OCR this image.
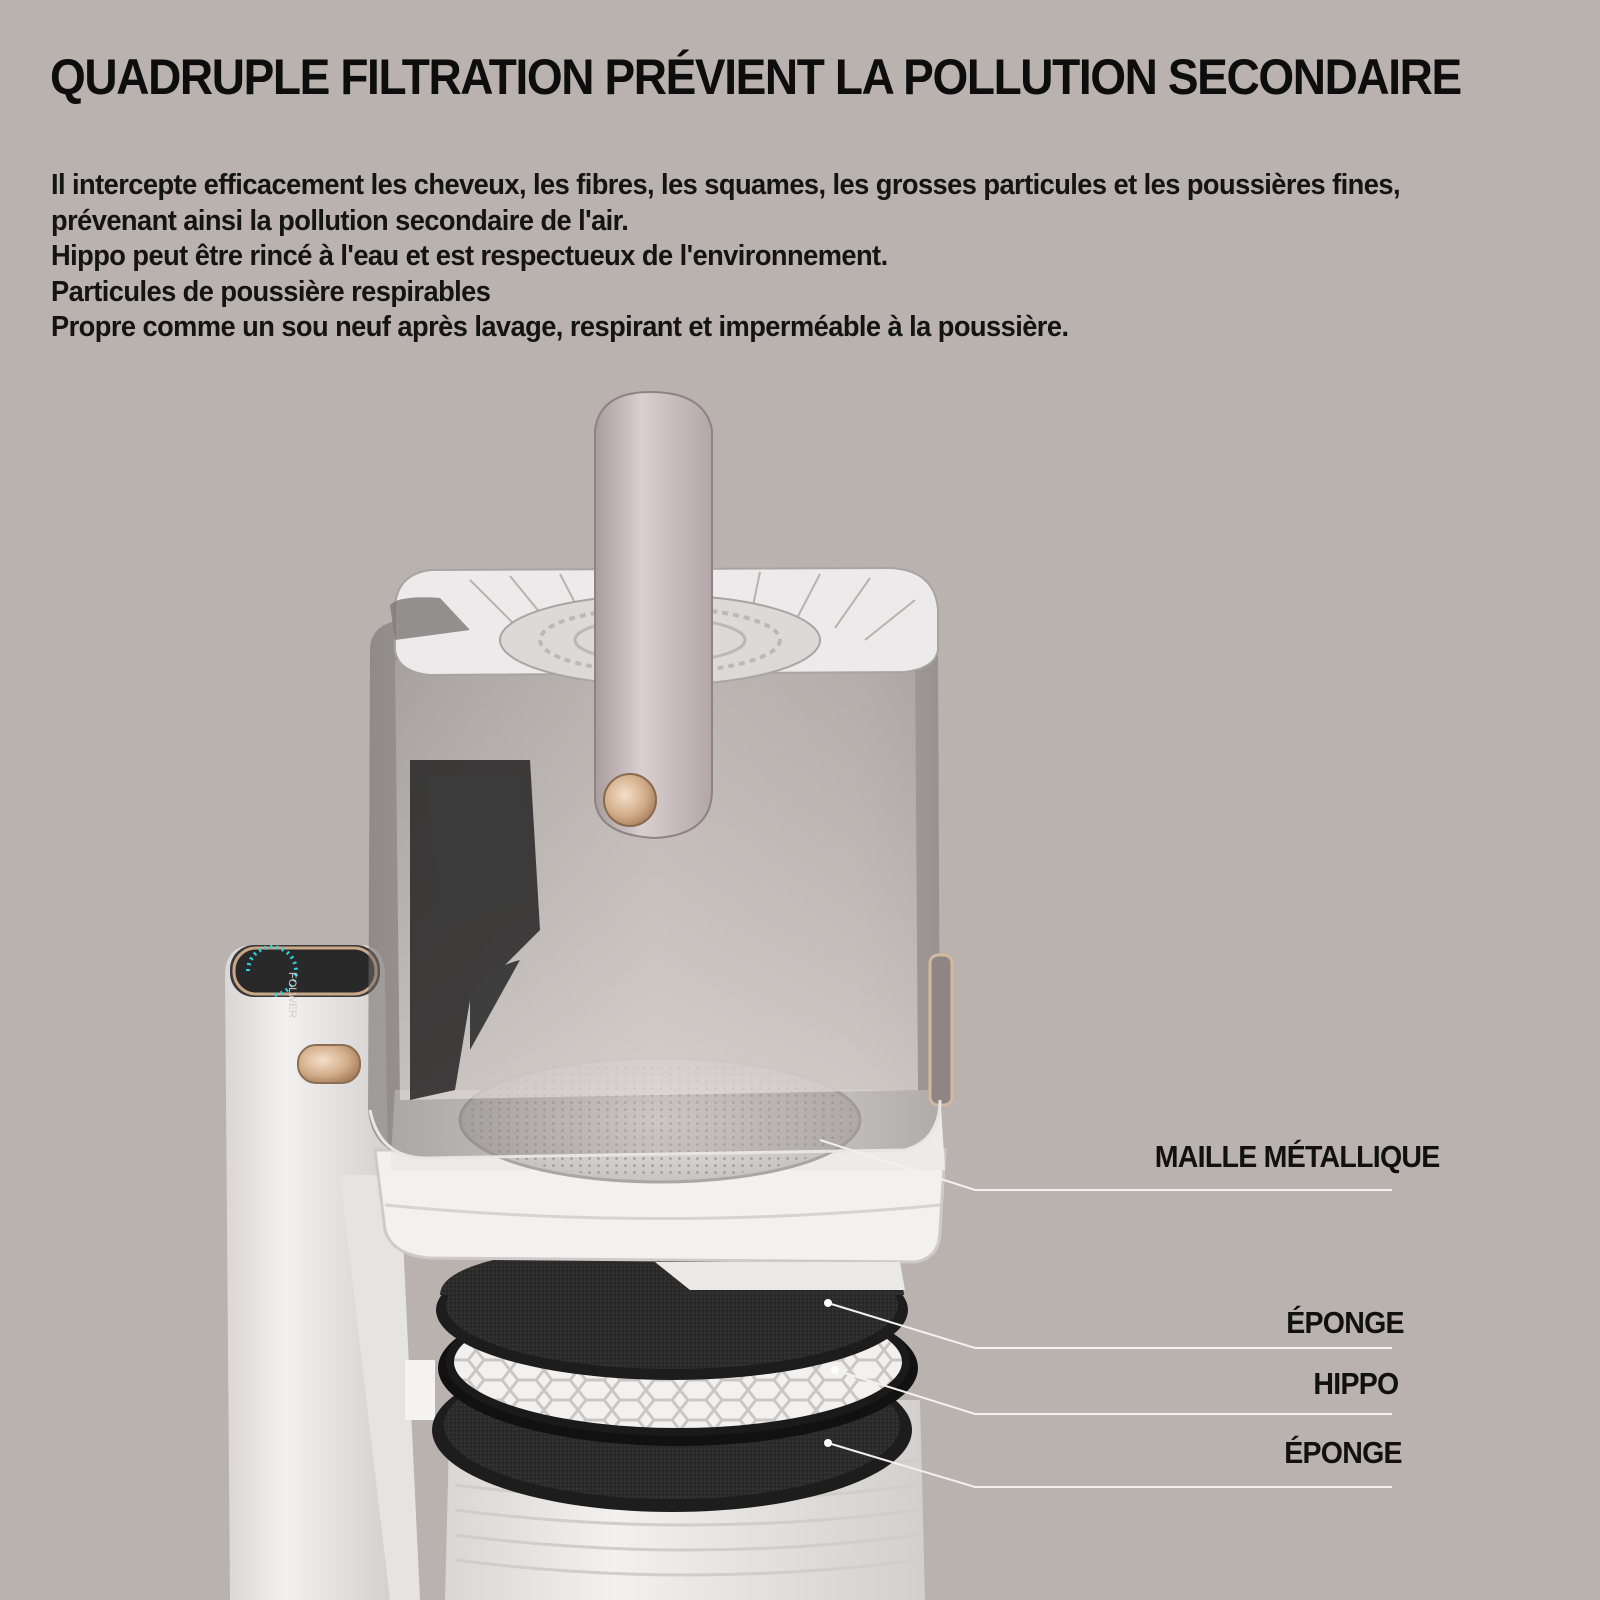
QUADRUPLE FILTRATION PRÉVIENT LA POLLUTION SECONDAIRE
Il intercepte efficacement les cheveux, les fibres, les squames, les grosses particules et les poussières fines,
prévenant ainsi la pollution secondaire de l'air.
Hippo peut être rincé à l'eau et est respectueux de l'environnement.
Particules de poussière respirables
Propre comme un sou neuf après lavage, respirant et imperméable à la poussière.
FOLWER
MAILLE MÉTALLIQUE
ÉPONGE
HIPPO
ÉPONGE
